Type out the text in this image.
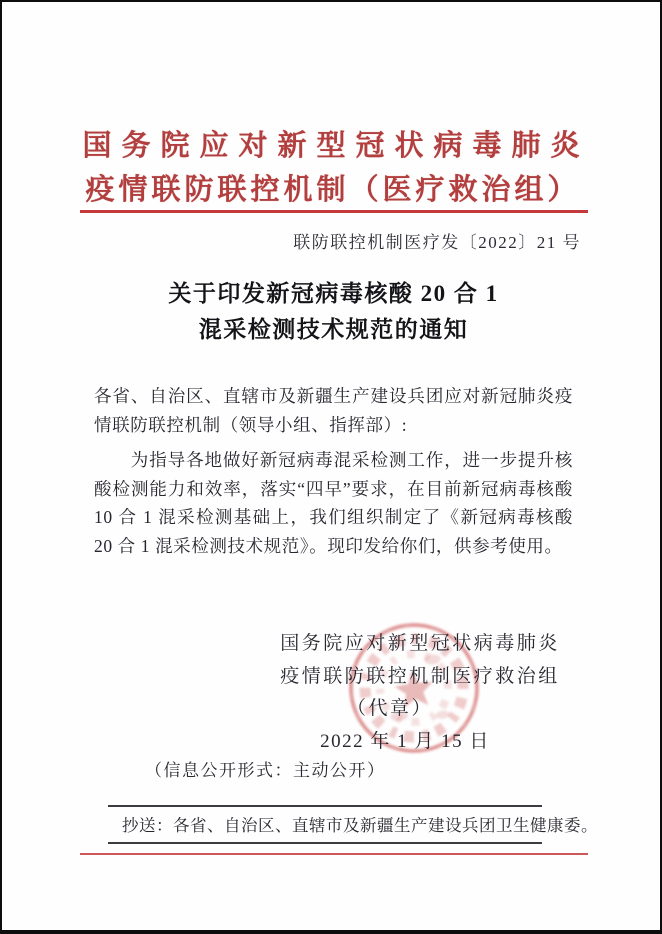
国务院应对新型冠状病毒肺炎
疫情联防联控机制（医疗救治组）
联防联控机制医疗发〔2022〕21 号
关于印发新冠病毒核酸 20 合 1
混采检测技术规范的通知

各省、自治区、直辖市及新疆生产建设兵团应对新冠肺炎疫情联防联控机制（领导小组、指挥部）:

为指导各地做好新冠病毒混采检测工作，进一步提升核酸检测能力和效率，落实“四早”要求，在目前新冠病毒核酸 10 合 1 混采检测基础上，我们组织制定了《新冠病毒核酸 20 合 1 混采检测技术规范》。现印发给你们，供参考使用。

国务院应对新型冠状病毒肺炎
疫情联防联控机制医疗救治组
（代章）
2022 年 1 月 15 日
（信息公开形式：主动公开）
抄送：各省、自治区、直辖市及新疆生产建设兵团卫生健康委。
